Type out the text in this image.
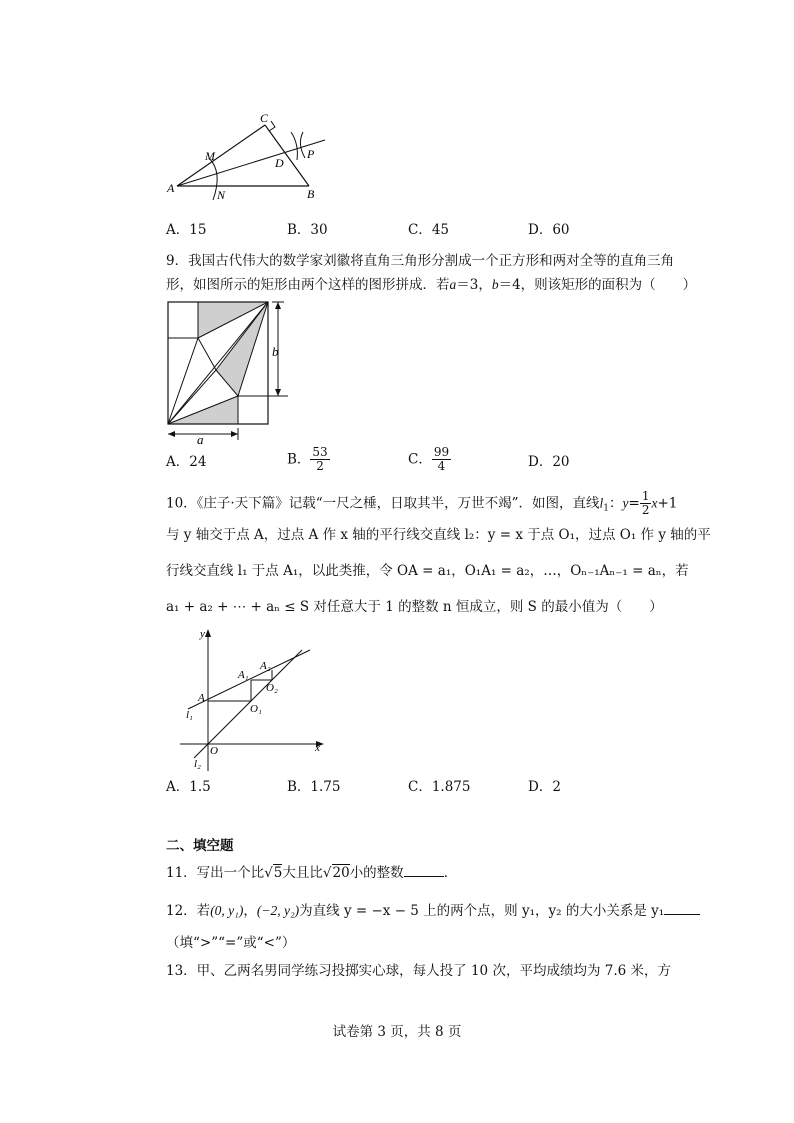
C
M	D
P
A	N	B
A．15	B．30	C．45	D．60
9．我国古代伟大的数学家刘徽将直角三角形分割成一个正方形和两对全等的直角三角
形，如图所示的矩形由两个这样的图形拼成．若a＝3，b＝4，则该矩形的面积为（　　）
b
a
A．24	B． $\frac{53}{2}$	C． $\frac{99}{4}$	D．20
10．《庄子·天下篇》记载“一尺之棰，日取其半，万世不竭”．如图，直线$l_1$：$y= \frac{1}{2} x+1$
与 y 轴交于点 A，过点 A 作 x 轴的平行线交直线 l₂：y = x 于点 O₁，过点 O₁ 作 y 轴的平
行线交直线 l₁ 于点 A₁，以此类推，令 OA = a₁，O₁A₁ = a₂，…，Oₙ₋₁Aₙ₋₁ = aₙ，若
a₁ + a₂ + ⋯ + aₙ ≤ S 对任意大于 1 的整数 n 恒成立，则 S 的最小值为（　　）
y
x
O
A
A₁
A₂
O₁
O₂
l₁
l₂
A．1.5	B．1.75	C．1.875	D．2
二、填空题
11．写出一个比√5大且比√20小的整数	．
12．若(0, y₁)，(−2, y₂)为直线 y = −x − 5 上的两个点，则 y₁，y₂ 的大小关系是 y₁
（填“>”“=”或“<”）
13．甲、乙两名男同学练习投掷实心球，每人投了 10 次，平均成绩均为 7.6 米，方
试卷第 3 页，共 8 页
